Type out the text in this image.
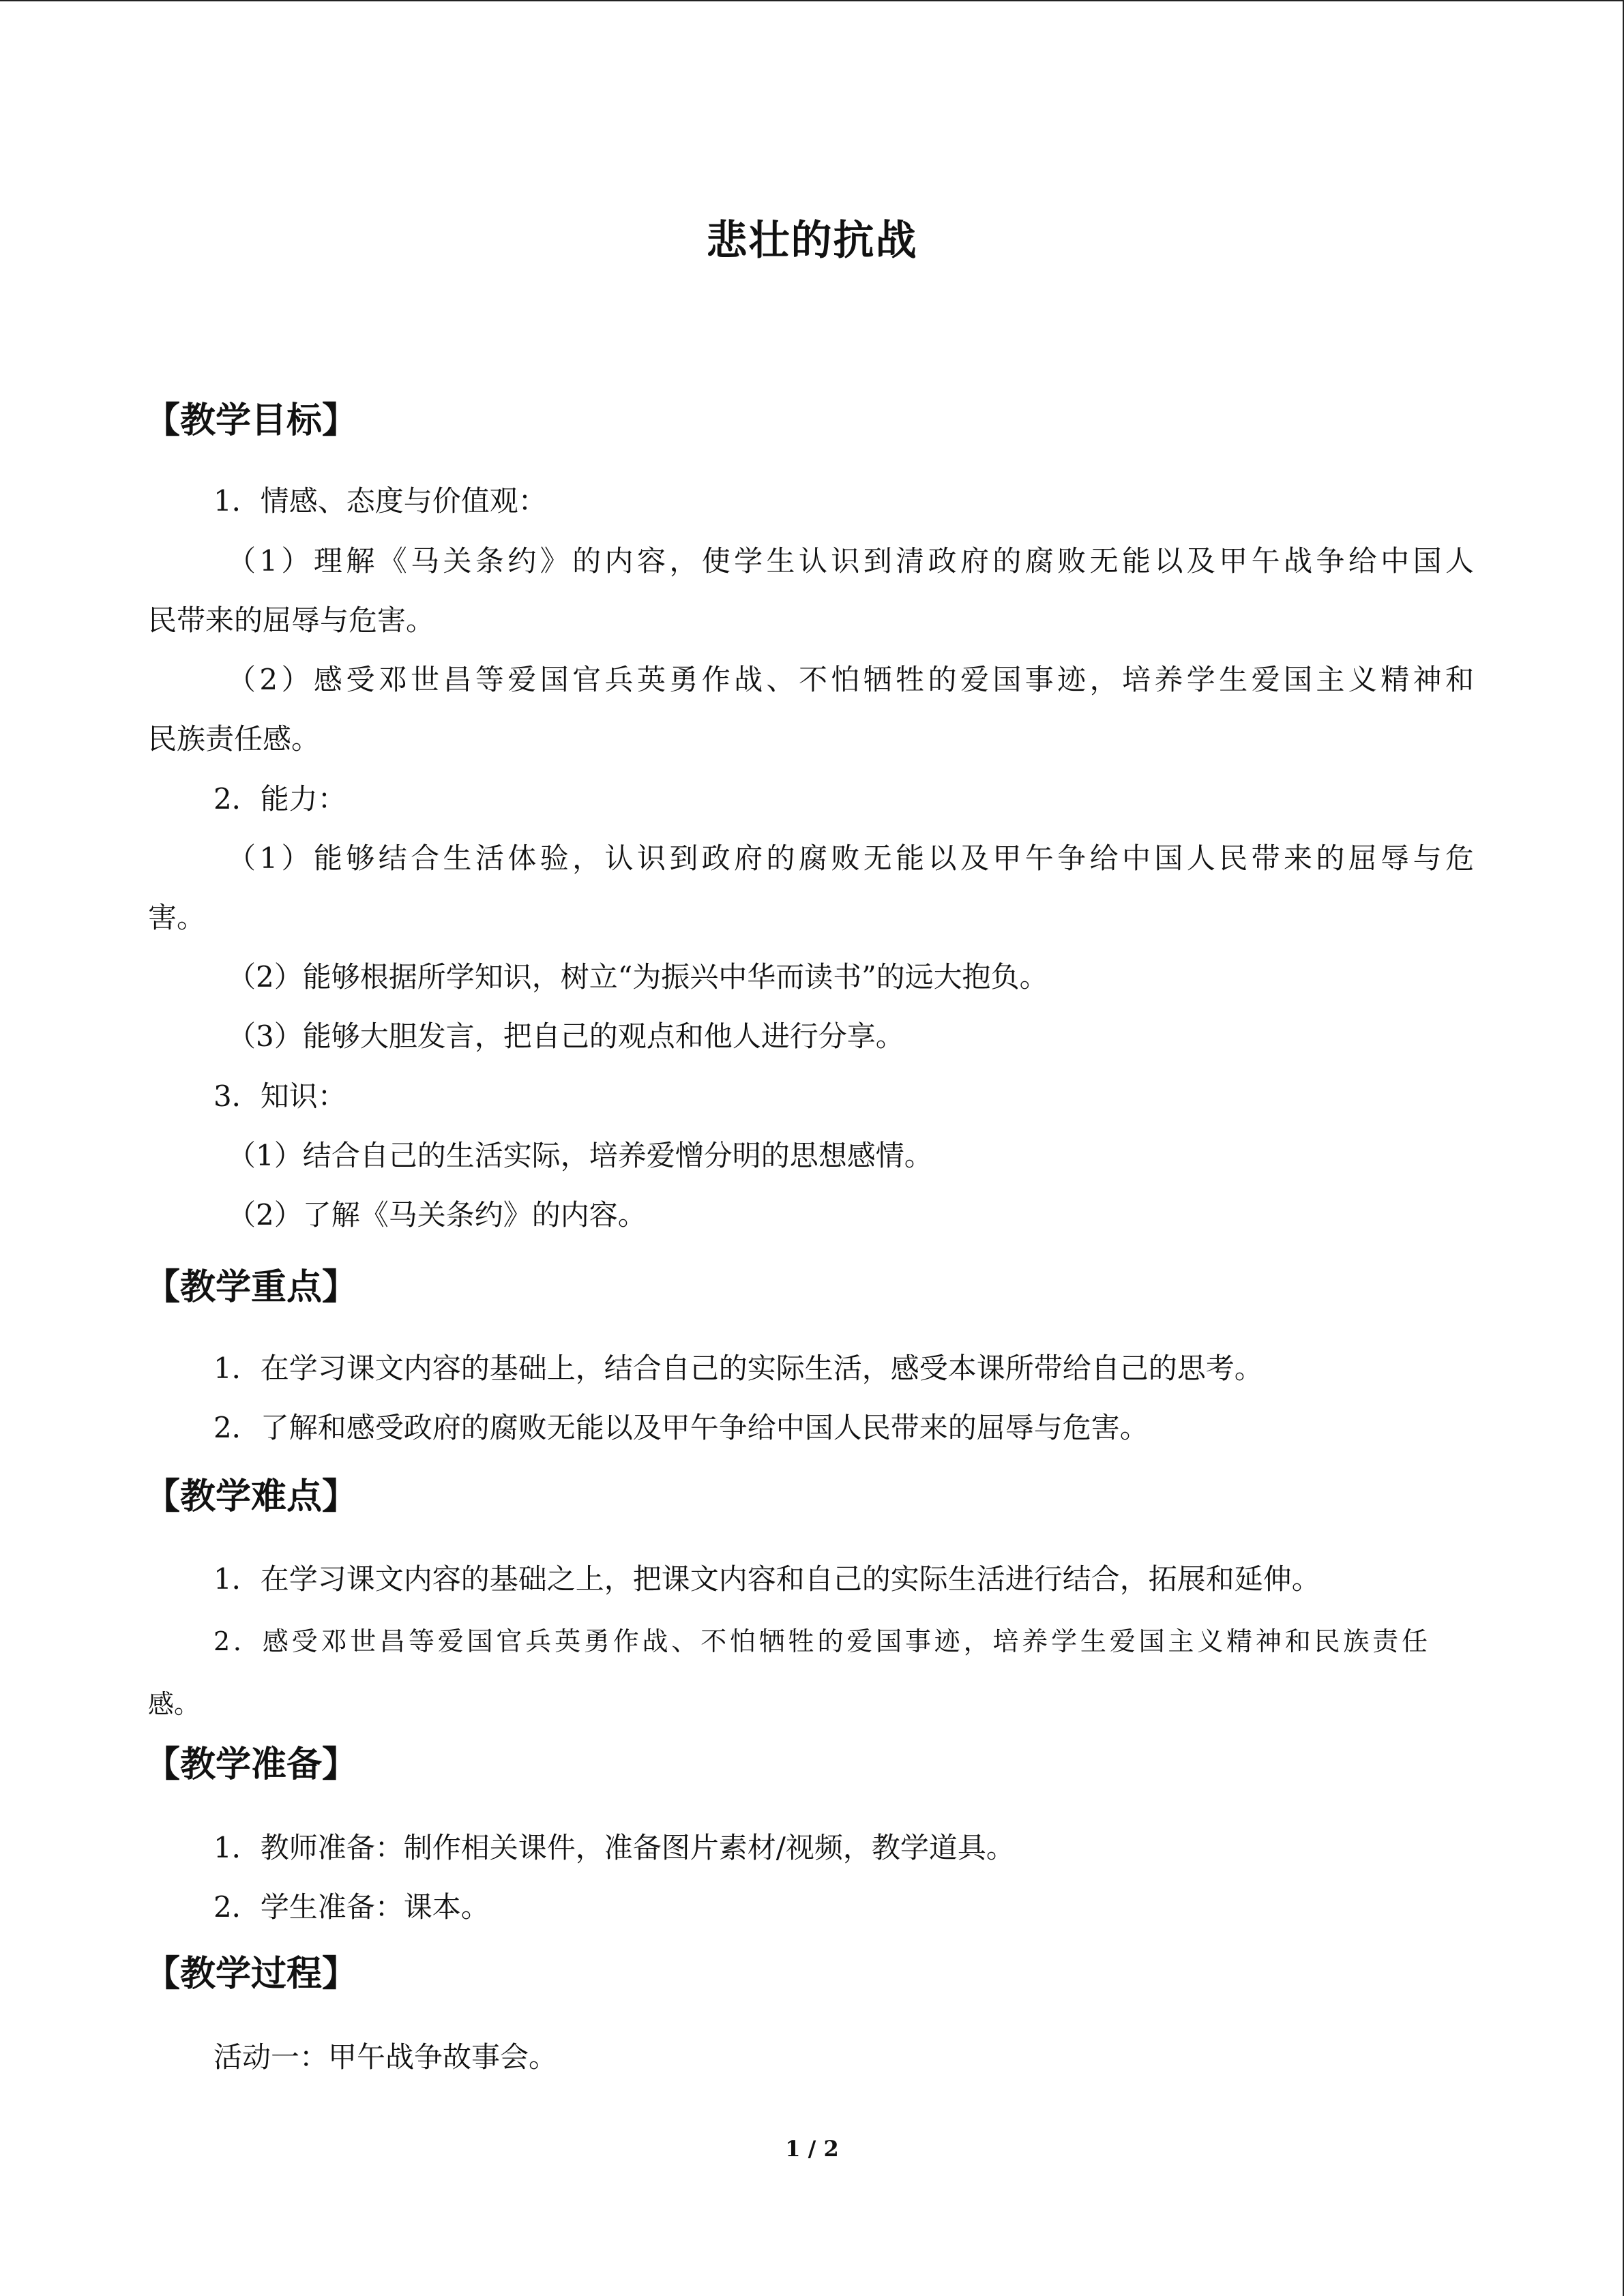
悲壮的抗战
【教学目标】
1．情感、态度与价值观：
（1）理解《马关条约》的内容，使学生认识到清政府的腐败无能以及甲午战争给中国人
民带来的屈辱与危害。
（2）感受邓世昌等爱国官兵英勇作战、不怕牺牲的爱国事迹，培养学生爱国主义精神和
民族责任感。
2．能力：
（1）能够结合生活体验，认识到政府的腐败无能以及甲午争给中国人民带来的屈辱与危
害。
（2）能够根据所学知识，树立“为振兴中华而读书”的远大抱负。
（3）能够大胆发言，把自己的观点和他人进行分享。
3．知识：
（1）结合自己的生活实际，培养爱憎分明的思想感情。
（2）了解《马关条约》的内容。
【教学重点】
1．在学习课文内容的基础上，结合自己的实际生活，感受本课所带给自己的思考。
2．了解和感受政府的腐败无能以及甲午争给中国人民带来的屈辱与危害。
【教学难点】
1．在学习课文内容的基础之上，把课文内容和自己的实际生活进行结合，拓展和延伸。
2．感受邓世昌等爱国官兵英勇作战、不怕牺牲的爱国事迹，培养学生爱国主义精神和民族责任
感。
【教学准备】
1．教师准备：制作相关课件，准备图片素材/视频，教学道具。
2．学生准备：课本。
【教学过程】
活动一：甲午战争故事会。
1 / 2
